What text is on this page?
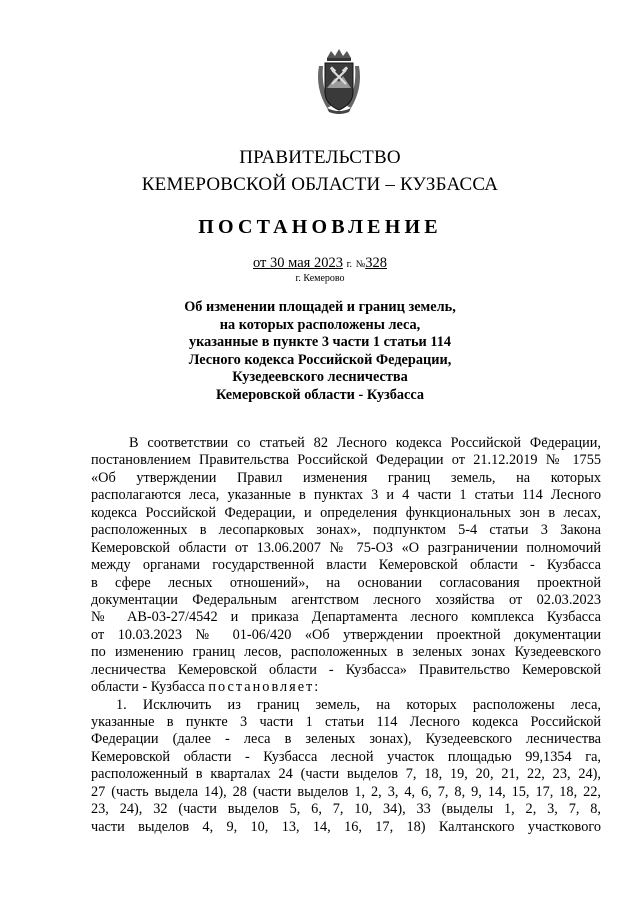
ПРАВИТЕЛЬСТВО
КЕМЕРОВСКОЙ ОБЛАСТИ – КУЗБАССА
ПОСТАНОВЛЕНИЕ
от 30 мая 2023 г. №328
г. Кемерово
Об изменении площадей и границ земель,
на которых расположены леса,
указанные в пункте 3 части 1 статьи 114
Лесного кодекса Российской Федерации,
Кузедеевского лесничества
Кемеровской области - Кузбасса
В соответствии со статьей 82 Лесного кодекса Российской Федерации,
постановлением Правительства Российской Федерации от 21.12.2019 № 1755
«Об утверждении Правил изменения границ земель, на которых
располагаются леса, указанные в пунктах 3 и 4 части 1 статьи 114 Лесного
кодекса Российской Федерации, и определения функциональных зон в лесах,
расположенных в лесопарковых зонах», подпунктом 5-4 статьи 3 Закона
Кемеровской области от 13.06.2007 № 75-ОЗ «О разграничении полномочий
между органами государственной власти Кемеровской области - Кузбасса
в сфере лесных отношений», на основании согласования проектной
документации Федеральным агентством лесного хозяйства от 02.03.2023
№ АВ-03-27/4542 и приказа Департамента лесного комплекса Кузбасса
от 10.03.2023 № 01-06/420 «Об утверждении проектной документации
по изменению границ лесов, расположенных в зеленых зонах Кузедеевского
лесничества Кемеровской области - Кузбасса» Правительство Кемеровской
области - Кузбасса постановляет:
1. Исключить из границ земель, на которых расположены леса,
указанные в пункте 3 части 1 статьи 114 Лесного кодекса Российской
Федерации (далее - леса в зеленых зонах), Кузедеевского лесничества
Кемеровской области - Кузбасса лесной участок площадью 99,1354 га,
расположенный в кварталах 24 (части выделов 7, 18, 19, 20, 21, 22, 23, 24),
27 (часть выдела 14), 28 (части выделов 1, 2, 3, 4, 6, 7, 8, 9, 14, 15, 17, 18, 22,
23, 24), 32 (части выделов 5, 6, 7, 10, 34), 33 (выделы 1, 2, 3, 7, 8,
части выделов 4, 9, 10, 13, 14, 16, 17, 18) Калтанского участкового
